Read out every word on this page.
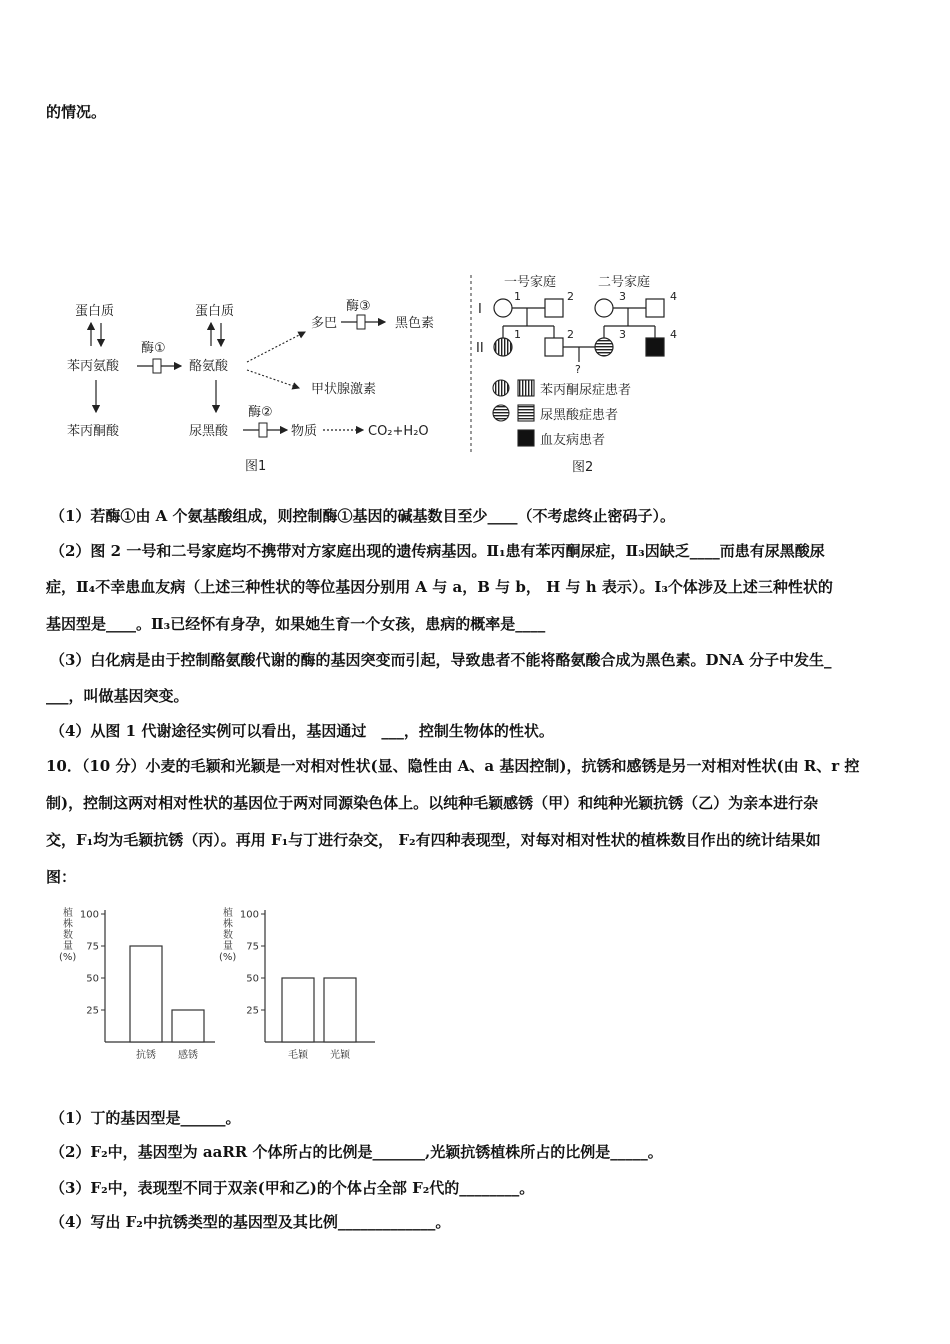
的情况。
蛋白质
苯丙氨酸
苯丙酮酸
酶①
蛋白质
酪氨酸
尿黑酸
酶②
物质	CO₂+H₂O
多巴
酶③
黑色素
甲状腺激素
图1
一号家庭	二号家庭
I
II
1	2
1	2
?
3	4
3	4
苯丙酮尿症患者
尿黑酸症患者
血友病患者
图2
（1）若酶①由 A 个氨基酸组成，则控制酶①基因的碱基数目至少____（不考虑终止密码子）。
（2）图 2 一号和二号家庭均不携带对方家庭出现的遗传病基因。Ⅱ₁患有苯丙酮尿症，Ⅱ₃因缺乏____而患有尿黑酸尿
症，Ⅱ₄不幸患血友病（上述三种性状的等位基因分别用 A 与 a，B 与 b， H 与 h 表示）。I₃个体涉及上述三种性状的
基因型是____。Ⅱ₃已经怀有身孕，如果她生育一个女孩，患病的概率是____
（3）白化病是由于控制酪氨酸代谢的酶的基因突变而引起，导致患者不能将酪氨酸合成为黑色素。DNA 分子中发生_
___，叫做基因突变。
（4）从图 1 代谢途径实例可以看出，基因通过　___，控制生物体的性状。
10．（10 分）小麦的毛颖和光颖是一对相对性状(显、隐性由 A、a 基因控制)，抗锈和感锈是另一对相对性状(由 R、r 控
制)，控制这两对相对性状的基因位于两对同源染色体上。以纯种毛颖感锈（甲）和纯种光颖抗锈（乙）为亲本进行杂
交，F₁均为毛颖抗锈（丙）。再用 F₁与丁进行杂交， F₂有四种表现型，对每对相对性状的植株数目作出的统计结果如
图：
植株数量(%)
100
75
50
25
抗锈 感锈
植株数量(%)
100
75
50
25
毛颖 光颖
（1）丁的基因型是______。
（2）F₂中，基因型为 aaRR 个体所占的比例是_______,光颖抗锈植株所占的比例是_____。
（3）F₂中，表现型不同于双亲(甲和乙)的个体占全部 F₂代的________。
（4）写出 F₂中抗锈类型的基因型及其比例_____________。
